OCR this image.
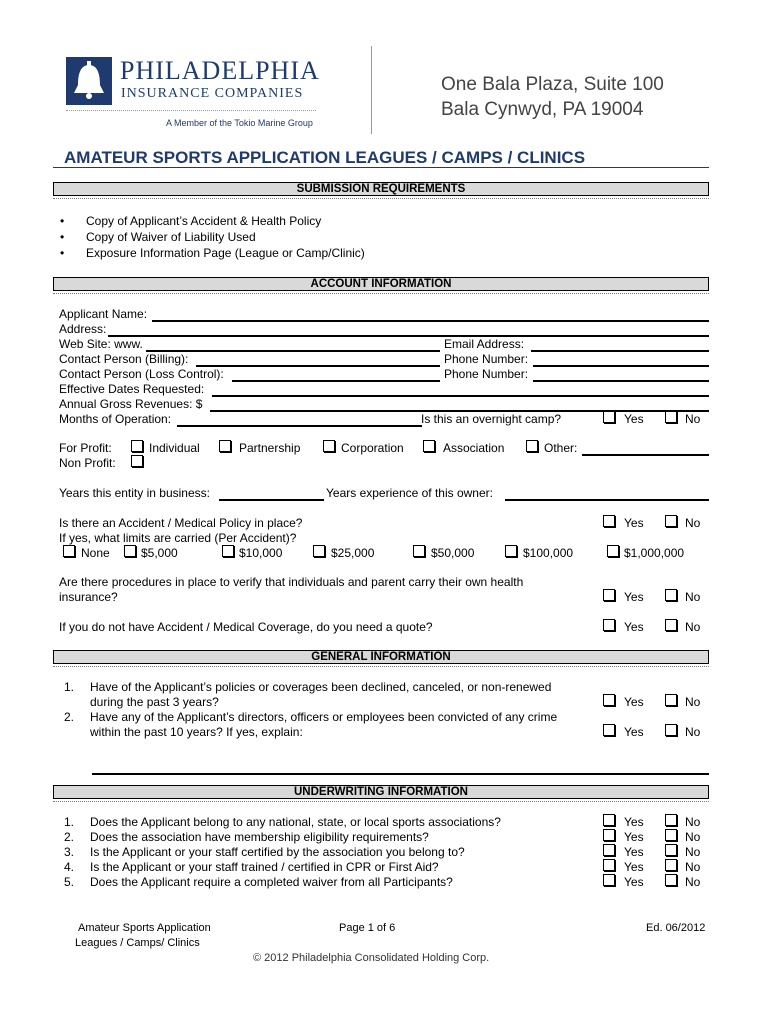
PHILADELPHIA
INSURANCE COMPANIES
A Member of the Tokio Marine Group
One Bala Plaza, Suite 100
Bala Cynwyd, PA 19004
AMATEUR SPORTS APPLICATION LEAGUES / CAMPS / CLINICS
SUBMISSION REQUIREMENTS
• Copy of Applicant’s Accident & Health Policy
• Copy of Waiver of Liability Used
• Exposure Information Page (League or Camp/Clinic)
ACCOUNT INFORMATION
Applicant Name:
Address:
Web Site: www.	Email Address:
Contact Person (Billing):	Phone Number:
Contact Person (Loss Control):	Phone Number:
Effective Dates Requested:
Annual Gross Revenues: $
Months of Operation:	Is this an overnight camp?	Yes	No
For Profit:	Individual	Partnership	Corporation	Association	Other:
Non Profit:
Years this entity in business:	Years experience of this owner:
Is there an Accident / Medical Policy in place?	Yes	No
If yes, what limits are carried (Per Accident)?
None	$5,000	$10,000	$25,000	$50,000	$100,000	$1,000,000
Are there procedures in place to verify that individuals and parent carry their own health
insurance?	Yes	No
If you do not have Accident / Medical Coverage, do you need a quote?	Yes	No
GENERAL INFORMATION
1. Have of the Applicant’s policies or coverages been declined, canceled, or non-renewed
during the past 3 years?	Yes	No
2. Have any of the Applicant’s directors, officers or employees been convicted of any crime
within the past 10 years? If yes, explain:	Yes	No
UNDERWRITING INFORMATION
1. Does the Applicant belong to any national, state, or local sports associations?	Yes	No
2. Does the association have membership eligibility requirements?	Yes	No
3. Is the Applicant or your staff certified by the association you belong to?	Yes	No
4. Is the Applicant or your staff trained / certified in CPR or First Aid?	Yes	No
5. Does the Applicant require a completed waiver from all Participants?	Yes	No
Amateur Sports Application
Leagues / Camps/ Clinics
Page 1 of 6	Ed. 06/2012
© 2012 Philadelphia Consolidated Holding Corp.
